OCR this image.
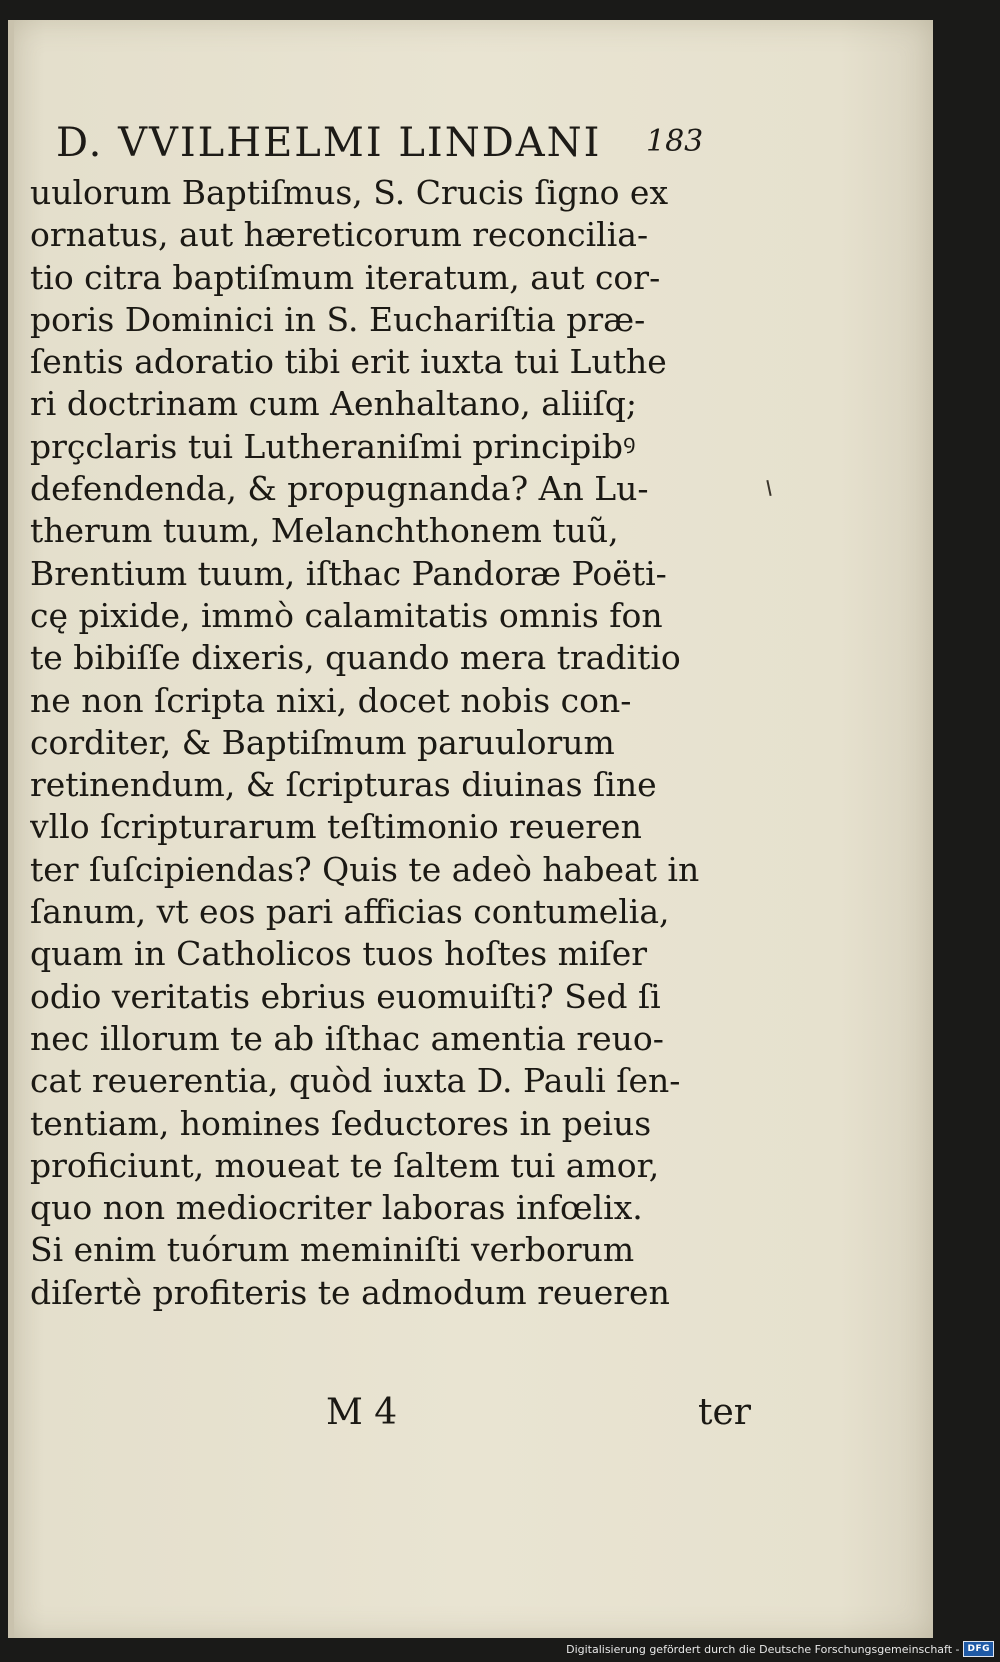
D. VVILHELMI LINDANI 183
uulorum Baptiſmus, S. Crucis ſigno ex
ornatus, aut hæreticorum reconcilia-
tio citra baptiſmum iteratum, aut cor-
poris Dominici in S. Euchariſtia præ-
ſentis adoratio tibi erit iuxta tui Luthe
ri doctrinam cum Aenhaltano, aliiſq;
prçclaris tui Lutheraniſmi principibꝰ
defendenda, & propugnanda? An Lu-
therum tuum, Melanchthonem tuũ,
Brentium tuum, iſthac Pandoræ Poëti-
cę pixide, immò calamitatis omnis fon
te bibiſſe dixeris, quando mera traditio
ne non ſcripta nixi, docet nobis con-
corditer, & Baptiſmum paruulorum
retinendum, & ſcripturas diuinas ſine
vllo ſcripturarum teſtimonio reueren
ter ſuſcipiendas? Quis te adeò habeat in
ſanum, vt eos pari afficias contumelia,
quam in Catholicos tuos hoſtes miſer
odio veritatis ebrius euomuiſti? Sed ſi
nec illorum te ab iſthac amentia reuo-
cat reuerentia, quòd iuxta D. Pauli ſen-
tentiam, homines ſeductores in peius
proficiunt, moueat te ſaltem tui amor,
quo non mediocriter laboras infœlix.
Si enim tuórum meminiſti verborum
diſertè profiteris te admodum reueren
M 4	ter
Digitalisierung gefördert durch die Deutsche Forschungsgemeinschaft - DFG
